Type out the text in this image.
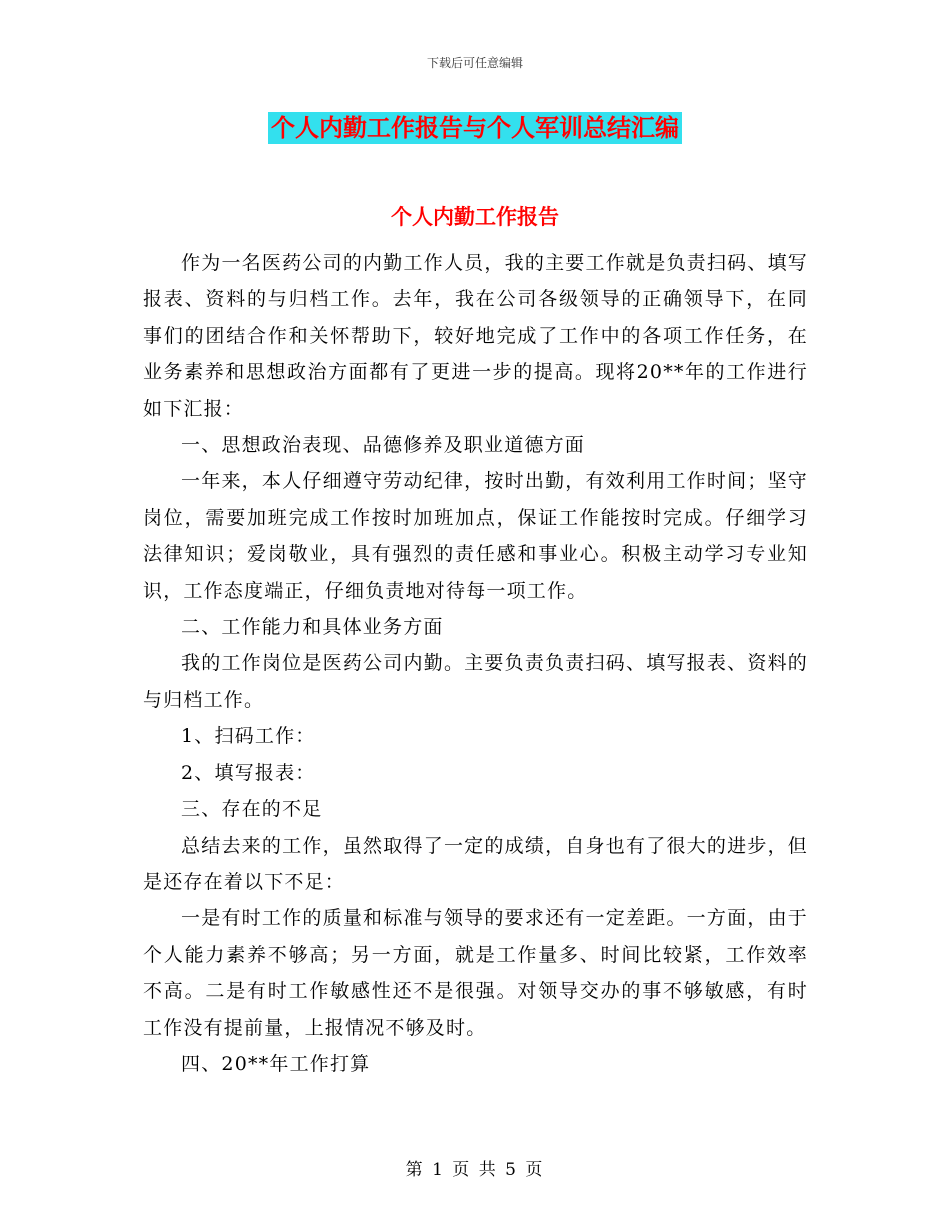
下载后可任意编辑
个人内勤工作报告与个人军训总结汇编
个人内勤工作报告

作为一名医药公司的内勤工作人员，我的主要工作就是负责扫码、填写报表、资料的与归档工作。去年，我在公司各级领导的正确领导下，在同事们的团结合作和关怀帮助下，较好地完成了工作中的各项工作任务，在业务素养和思想政治方面都有了更进一步的提高。现将20**年的工作进行如下汇报：

一、思想政治表现、品德修养及职业道德方面

一年来，本人仔细遵守劳动纪律，按时出勤，有效利用工作时间；坚守岗位，需要加班完成工作按时加班加点，保证工作能按时完成。仔细学习法律知识；爱岗敬业，具有强烈的责任感和事业心。积极主动学习专业知识，工作态度端正，仔细负责地对待每一项工作。

二、工作能力和具体业务方面

我的工作岗位是医药公司内勤。主要负责负责扫码、填写报表、资料的与归档工作。

1、扫码工作：

2、填写报表：

三、存在的不足

总结去来的工作，虽然取得了一定的成绩，自身也有了很大的进步，但是还存在着以下不足：

一是有时工作的质量和标准与领导的要求还有一定差距。一方面，由于个人能力素养不够高；另一方面，就是工作量多、时间比较紧，工作效率不高。二是有时工作敏感性还不是很强。对领导交办的事不够敏感，有时工作没有提前量，上报情况不够及时。

四、20**年工作打算

第 1 页 共 5 页
